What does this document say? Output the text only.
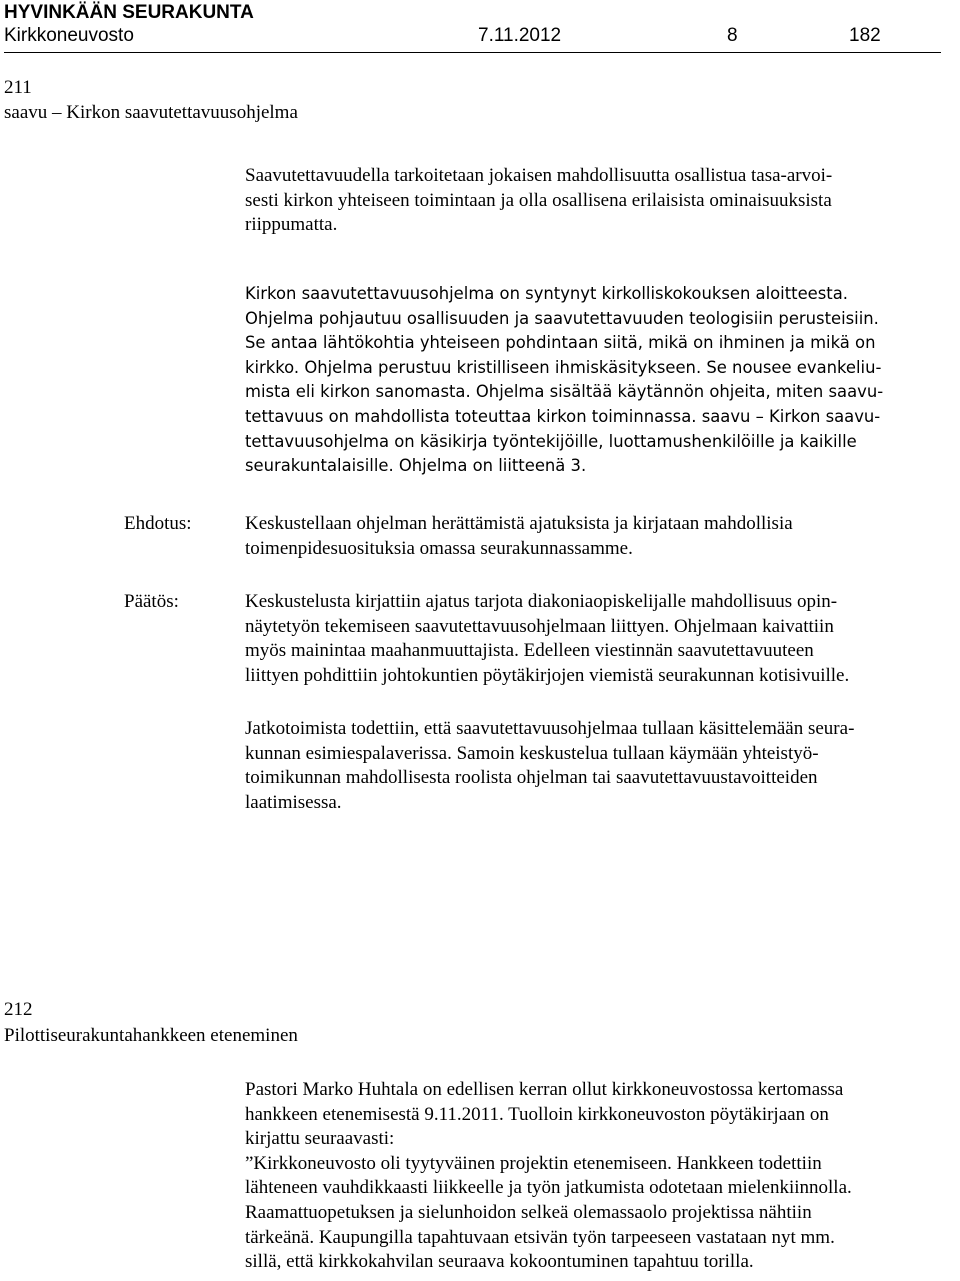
HYVINKÄÄN SEURAKUNTA
Kirkkoneuvosto	7.11.2012	8	182
211
saavu – Kirkon saavutettavuusohjelma
Saavutettavuudella tarkoitetaan jokaisen mahdollisuutta osallistua tasa-arvoi-
sesti kirkon yhteiseen toimintaan ja olla osallisena erilaisista ominaisuuksista
riippumatta.
Kirkon saavutettavuusohjelma on syntynyt kirkolliskokouksen aloitteesta.
Ohjelma pohjautuu osallisuuden ja saavutettavuuden teologisiin perusteisiin.
Se antaa lähtökohtia yhteiseen pohdintaan siitä, mikä on ihminen ja mikä on
kirkko. Ohjelma perustuu kristilliseen ihmiskäsitykseen. Se nousee evankeliu-
mista eli kirkon sanomasta. Ohjelma sisältää käytännön ohjeita, miten saavu-
tettavuus on mahdollista toteuttaa kirkon toiminnassa. saavu – Kirkon saavu-
tettavuusohjelma on käsikirja työntekijöille, luottamushenkilöille ja kaikille
seurakuntalaisille. Ohjelma on liitteenä 3.
Ehdotus:	Keskustellaan ohjelman herättämistä ajatuksista ja kirjataan mahdollisia
toimenpidesuosituksia omassa seurakunnassamme.
Päätös:	Keskustelusta kirjattiin ajatus tarjota diakoniaopiskelijalle mahdollisuus opin-
näytetyön tekemiseen saavutettavuusohjelmaan liittyen. Ohjelmaan kaivattiin
myös mainintaa maahanmuuttajista. Edelleen viestinnän saavutettavuuteen
liittyen pohdittiin johtokuntien pöytäkirjojen viemistä seurakunnan kotisivuille.
Jatkotoimista todettiin, että saavutettavuusohjelmaa tullaan käsittelemään seura-
kunnan esimiespalaverissa. Samoin keskustelua tullaan käymään yhteistyö-
toimikunnan mahdollisesta roolista ohjelman tai saavutettavuustavoitteiden
laatimisessa.
212
Pilottiseurakuntahankkeen eteneminen
Pastori Marko Huhtala on edellisen kerran ollut kirkkoneuvostossa kertomassa
hankkeen etenemisestä 9.11.2011. Tuolloin kirkkoneuvoston pöytäkirjaan on
kirjattu seuraavasti:
”Kirkkoneuvosto oli tyytyväinen projektin etenemiseen. Hankkeen todettiin
lähteneen vauhdikkaasti liikkeelle ja työn jatkumista odotetaan mielenkiinnolla.
Raamattuopetuksen ja sielunhoidon selkeä olemassaolo projektissa nähtiin
tärkeänä. Kaupungilla tapahtuvaan etsivän työn tarpeeseen vastataan nyt mm.
sillä, että kirkkokahvilan seuraava kokoontuminen tapahtuu torilla.
